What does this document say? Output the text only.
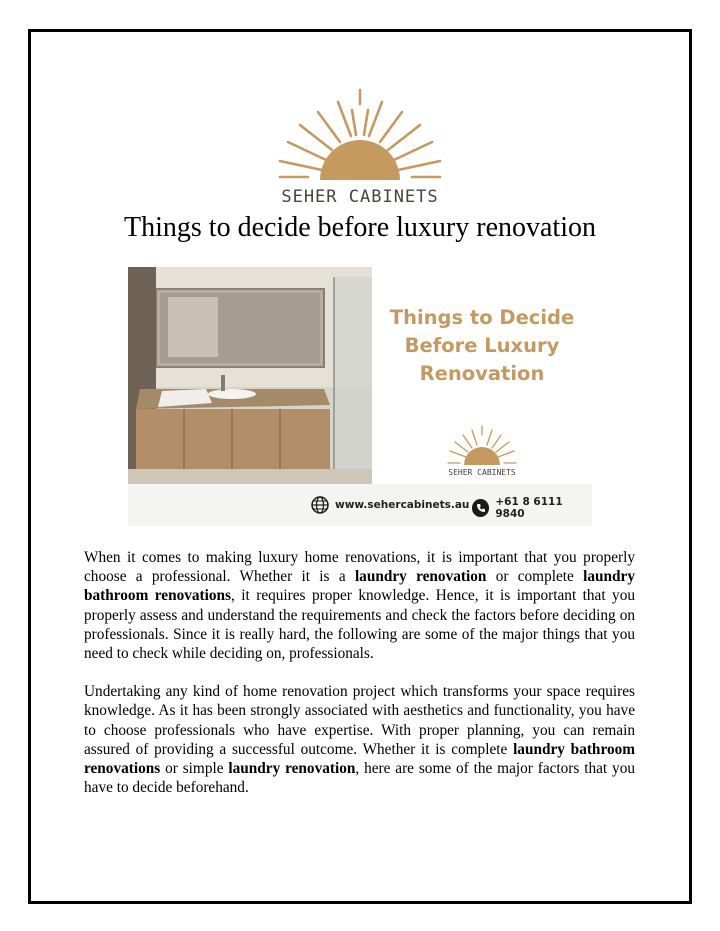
SEHER CABINETS
Things to decide before luxury renovation
Things to Decide
Before Luxury
Renovation
SEHER CABINETS
www.sehercabinets.au +61 8 6111 9840

When it comes to making luxury home renovations, it is important that you properly choose a professional. Whether it is a laundry renovation or complete laundry bathroom renovations, it requires proper knowledge. Hence, it is important that you properly assess and understand the requirements and check the factors before deciding on professionals. Since it is really hard, the following are some of the major things that you need to check while deciding on, professionals.

Undertaking any kind of home renovation project which transforms your space requires knowledge. As it has been strongly associated with aesthetics and functionality, you have to choose professionals who have expertise. With proper planning, you can remain assured of providing a successful outcome. Whether it is complete laundry bathroom renovations or simple laundry renovation, here are some of the major factors that you have to decide beforehand.
